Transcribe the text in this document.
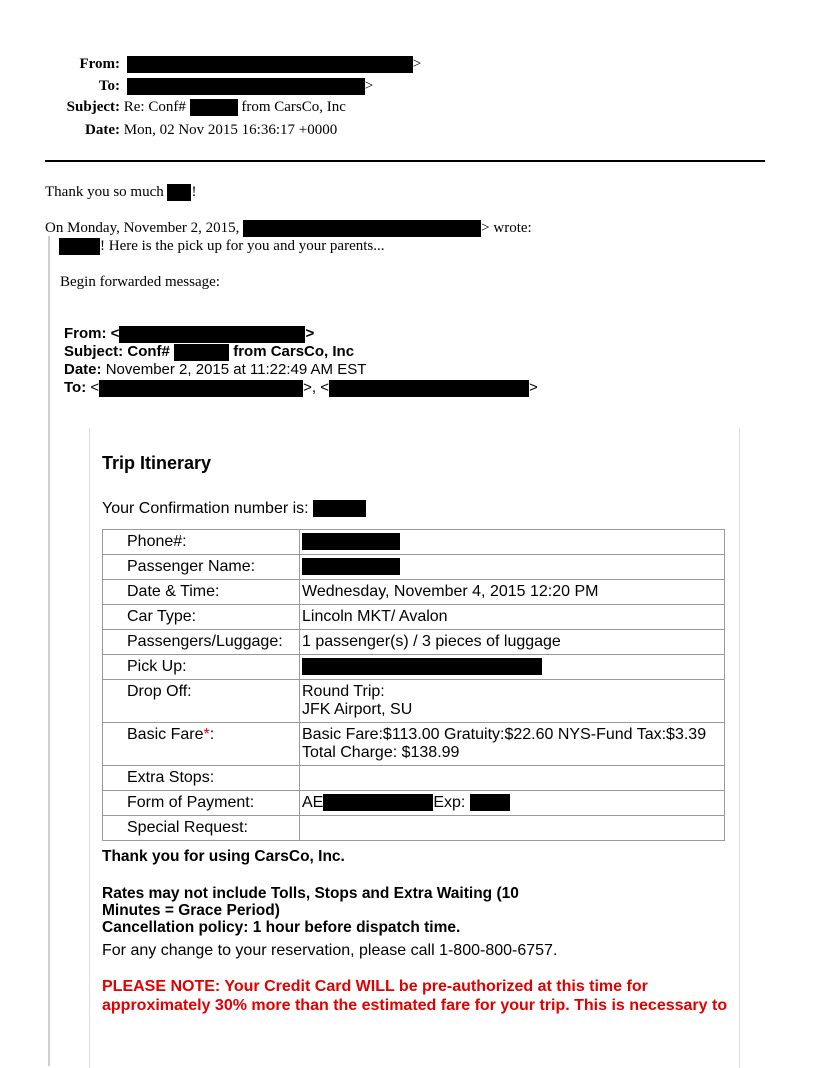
From:	>
To:	>
Subject: Re: Conf#	from CarsCo, Inc
Date: Mon, 02 Nov 2015 16:36:17 +0000
Thank you so much !
On Monday, November 2, 2015,	> wrote:
! Here is the pick up for you and your parents...
Begin forwarded message:
From: <	>
Subject: Conf#	from CarsCo, Inc
Date: November 2, 2015 at 11:22:49 AM EST
To: <	>, <	>
Trip Itinerary
Your Confirmation number is:
Phone#:	
Passenger Name:	
Date & Time:	Wednesday, November 4, 2015 12:20 PM
Car Type:	Lincoln MKT/ Avalon
Passengers/Luggage:	1 passenger(s) / 3 pieces of luggage
Pick Up:	
Drop Off:	Round Trip:
JFK Airport, SU

Basic Fare*:	Basic Fare:$113.00 Gratuity:$22.60 NYS-Fund Tax:$3.39
Total Charge: $138.99

Extra Stops:	
Form of Payment:	AE Exp:
Special Request:	
Thank you for using CarsCo, Inc.
Rates may not include Tolls, Stops and Extra Waiting (10
Minutes = Grace Period)
Cancellation policy: 1 hour before dispatch time.
For any change to your reservation, please call 1-800-800-6757.
PLEASE NOTE: Your Credit Card WILL be pre-authorized at this time for
approximately 30% more than the estimated fare for your trip. This is necessary to
